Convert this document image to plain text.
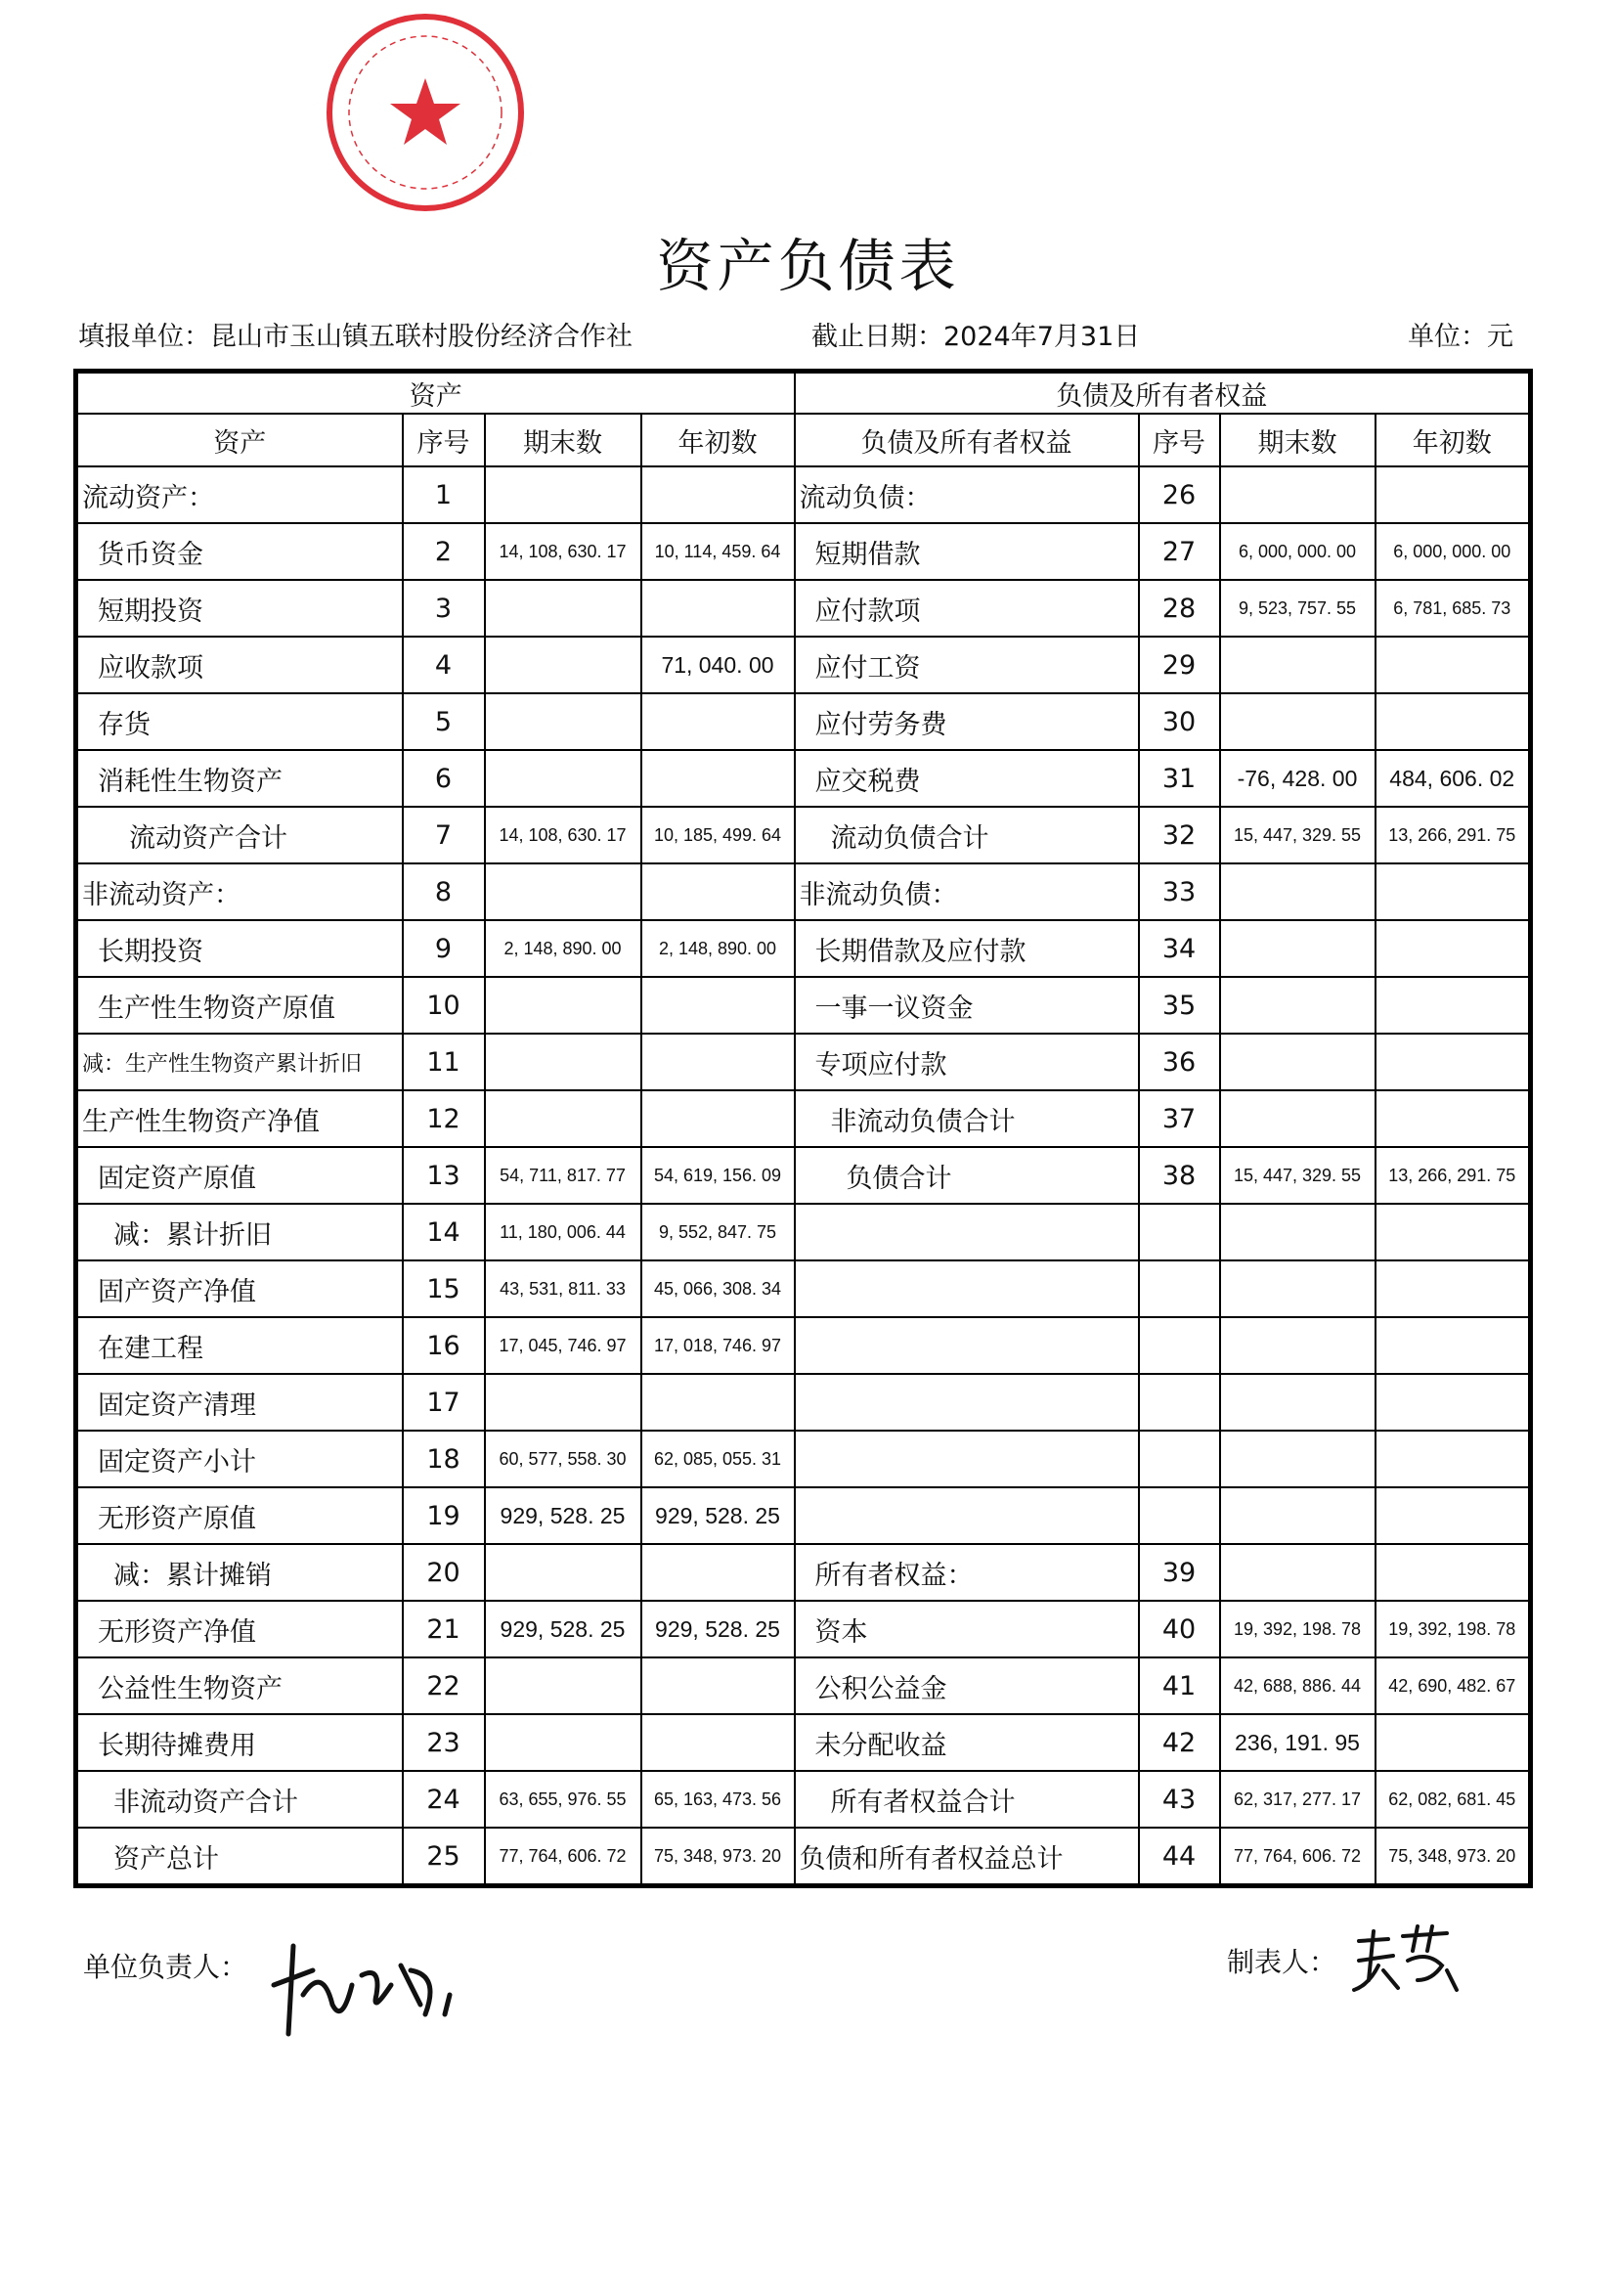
资产负债表
填报单位：昆山市玉山镇五联村股份经济合作社	截止日期：2024年7月31日	单位：元
资产				负债及所有者权益			
资产	序号	期末数	年初数	负债及所有者权益	序号	期末数	年初数
流动资产：	1			流动负债：	26		
货币资金	2	14, 108, 630. 17	10, 114, 459. 64	短期借款	27	6, 000, 000. 00	6, 000, 000. 00
短期投资	3			应付款项	28	9, 523, 757. 55	6, 781, 685. 73
应收款项	4		71, 040. 00	应付工资	29		
存货	5			应付劳务费	30		
消耗性生物资产	6			应交税费	31	-76, 428. 00	484, 606. 02
流动资产合计	7	14, 108, 630. 17	10, 185, 499. 64	流动负债合计	32	15, 447, 329. 55	13, 266, 291. 75
非流动资产：	8			非流动负债：	33		
长期投资	9	2, 148, 890. 00	2, 148, 890. 00	长期借款及应付款	34		
生产性生物资产原值	10			一事一议资金	35		
减：生产性生物资产累计折旧	11			专项应付款	36		
生产性生物资产净值	12			非流动负债合计	37		
固定资产原值	13	54, 711, 817. 77	54, 619, 156. 09	负债合计	38	15, 447, 329. 55	13, 266, 291. 75
减：累计折旧	14	11, 180, 006. 44	9, 552, 847. 75				
固产资产净值	15	43, 531, 811. 33	45, 066, 308. 34				
在建工程	16	17, 045, 746. 97	17, 018, 746. 97				
固定资产清理	17						
固定资产小计	18	60, 577, 558. 30	62, 085, 055. 31				
无形资产原值	19	929, 528. 25	929, 528. 25				
减：累计摊销	20			所有者权益：	39		
无形资产净值	21	929, 528. 25	929, 528. 25	资本	40	19, 392, 198. 78	19, 392, 198. 78
公益性生物资产	22			公积公益金	41	42, 688, 886. 44	42, 690, 482. 67
长期待摊费用	23			未分配收益	42	236, 191. 95	
非流动资产合计	24	63, 655, 976. 55	65, 163, 473. 56	所有者权益合计	43	62, 317, 277. 17	62, 082, 681. 45
资产总计	25	77, 764, 606. 72	75, 348, 973. 20	负债和所有者权益总计	44	77, 764, 606. 72	75, 348, 973. 20
单位负责人：	制表人：
